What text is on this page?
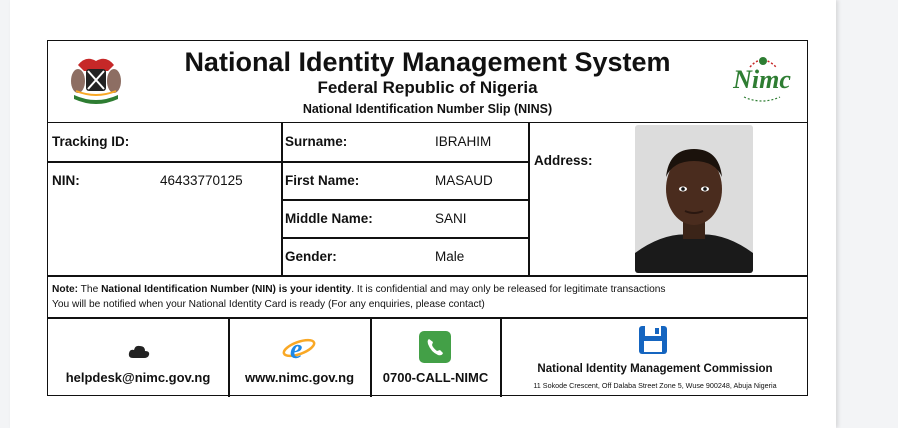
National Identity Management System
Federal Republic of Nigeria
National Identification Number Slip (NINS)
Nimc
Tracking ID:
NIN:	46433770125
Surname:	IBRAHIM
First Name:	MASAUD
Middle Name:	SANI
Gender:	Male
Address:
Note: The National Identification Number (NIN) is your identity. It is confidential and may only be released for legitimate transactions
You will be notified when your National Identity Card is ready (For any enquiries, please contact)
helpdesk@nimc.gov.ng
e
www.nimc.gov.ng	0700-CALL-NIMC
National Identity Management Commission
11 Sokode Crescent, Off Dalaba Street Zone 5, Wuse 900248, Abuja Nigeria
